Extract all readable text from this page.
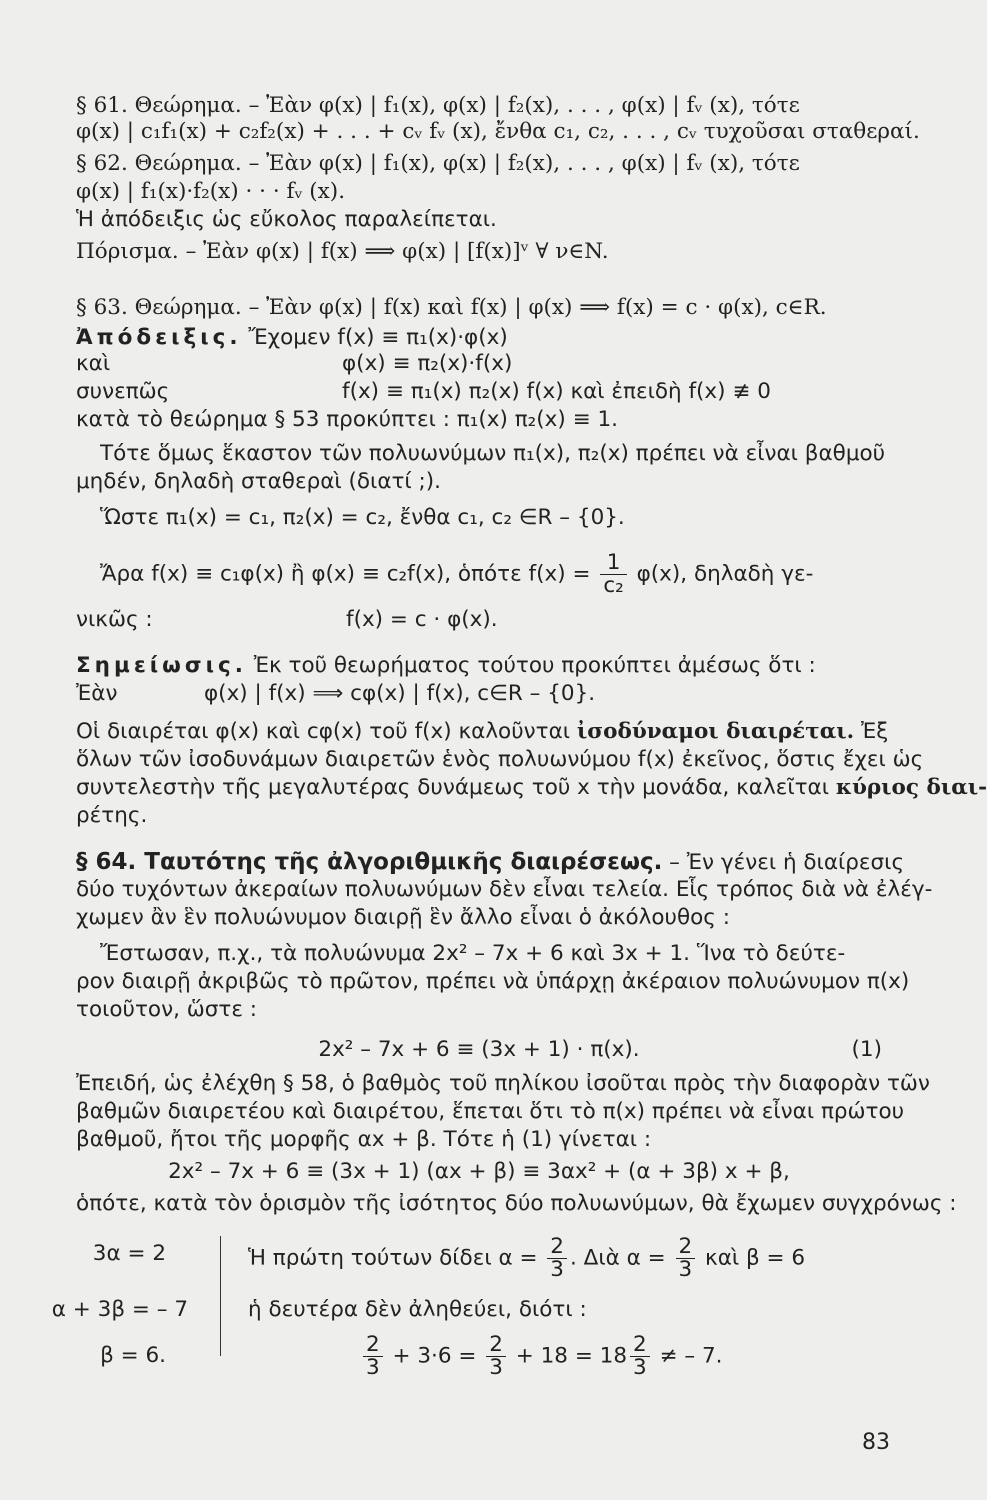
§ 61. Θεώρημα. – Ἐὰν φ(x) | f₁(x), φ(x) | f₂(x), . . . , φ(x) | fᵥ (x), τότε
φ(x) | c₁f₁(x) + c₂f₂(x) + . . . + cᵥ fᵥ (x), ἔνθα c₁, c₂, . . . , cᵥ τυχοῦσαι σταθεραί.
§ 62. Θεώρημα. – Ἐὰν φ(x) | f₁(x), φ(x) | f₂(x), . . . , φ(x) | fᵥ (x), τότε
φ(x) | f₁(x)·f₂(x) · · · fᵥ (x).
Ἡ ἀπόδειξις ὡς εὔκολος παραλείπεται.
Πόρισμα. – Ἐὰν φ(x) | f(x) ⟹ φ(x) | [f(x)]ᵛ ∀ ν∈N.
§ 63. Θεώρημα. – Ἐὰν φ(x) | f(x) καὶ f(x) | φ(x) ⟹ f(x) = c · φ(x), c∈R.
Ἀπόδειξις. Ἔχομεν f(x) ≡ π₁(x)·φ(x)
καὶ	φ(x) ≡ π₂(x)·f(x)
συνεπῶς	f(x) ≡ π₁(x) π₂(x) f(x) καὶ ἐπειδὴ f(x) ≢ 0
κατὰ τὸ θεώρημα § 53 προκύπτει : π₁(x) π₂(x) ≡ 1.
Τότε ὅμως ἕκαστον τῶν πολυωνύμων π₁(x), π₂(x) πρέπει νὰ εἶναι βαθμοῦ
μηδέν, δηλαδὴ σταθεραὶ (διατί ;).
Ὥστε π₁(x) = c₁, π₂(x) = c₂, ἔνθα c₁, c₂ ∈R – {0}.
Ἄρα f(x) ≡ c₁φ(x) ἢ φ(x) ≡ c₂f(x), ὁπότε $f(x) = \frac{1}{\text{c₂}} \varphi(x)$, δηλαδὴ γε-
νικῶς :	f(x) = c · φ(x).
Σημείωσις. Ἐκ τοῦ θεωρήματος τούτου προκύπτει ἀμέσως ὅτι :
Ἐὰν	φ(x) | f(x) ⟹ cφ(x) | f(x), c∈R – {0}.
Οἱ διαιρέται φ(x) καὶ cφ(x) τοῦ f(x) καλοῦνται ἰσοδύναμοι διαιρέται. Ἐξ
ὅλων τῶν ἰσοδυνάμων διαιρετῶν ἑνὸς πολυωνύμου f(x) ἐκεῖνος, ὅστις ἔχει ὡς
συντελεστὴν τῆς μεγαλυτέρας δυνάμεως τοῦ x τὴν μονάδα, καλεῖται κύριος διαι-
ρέτης.
§ 64. Ταυτότης τῆς ἀλγοριθμικῆς διαιρέσεως. – Ἐν γένει ἡ διαίρεσις
δύο τυχόντων ἀκεραίων πολυωνύμων δὲν εἶναι τελεία. Εἷς τρόπος διὰ νὰ ἐλέγ-
χωμεν ἂν ἓν πολυώνυμον διαιρῇ ἓν ἄλλο εἶναι ὁ ἀκόλουθος :
Ἔστωσαν, π.χ., τὰ πολυώνυμα 2x² – 7x + 6 καὶ 3x + 1. Ἵνα τὸ δεύτε-
ρον διαιρῇ ἀκριβῶς τὸ πρῶτον, πρέπει νὰ ὑπάρχῃ ἀκέραιον πολυώνυμον π(x)
τοιοῦτον, ὥστε :
2x² – 7x + 6 ≡ (3x + 1) · π(x).	(1)
Ἐπειδή, ὡς ἐλέχθη § 58, ὁ βαθμὸς τοῦ πηλίκου ἰσοῦται πρὸς τὴν διαφορὰν τῶν
βαθμῶν διαιρετέου καὶ διαιρέτου, ἕπεται ὅτι τὸ π(x) πρέπει νὰ εἶναι πρώτου
βαθμοῦ, ἤτοι τῆς μορφῆς αx + β. Τότε ἡ (1) γίνεται :
2x² – 7x + 6 ≡ (3x + 1) (αx + β) ≡ 3αx² + (α + 3β) x + β,
ὁπότε, κατὰ τὸν ὁρισμὸν τῆς ἰσότητος δύο πολυωνύμων, θὰ ἔχωμεν συγχρόνως :
3α = 2
α + 3β = – 7
β = 6.
Ἡ πρώτη τούτων δίδει $\alpha = \frac{2}{3}$ . Διὰ $\alpha = \frac{2}{3}$ καὶ β = 6
ἡ δευτέρα δὲν ἀληθεύει, διότι :
$\frac{2}{3} + 3\cdot 6 = \frac{2}{3} + 18 = 18 \frac{2}{3}$ ≠ – 7.
83
